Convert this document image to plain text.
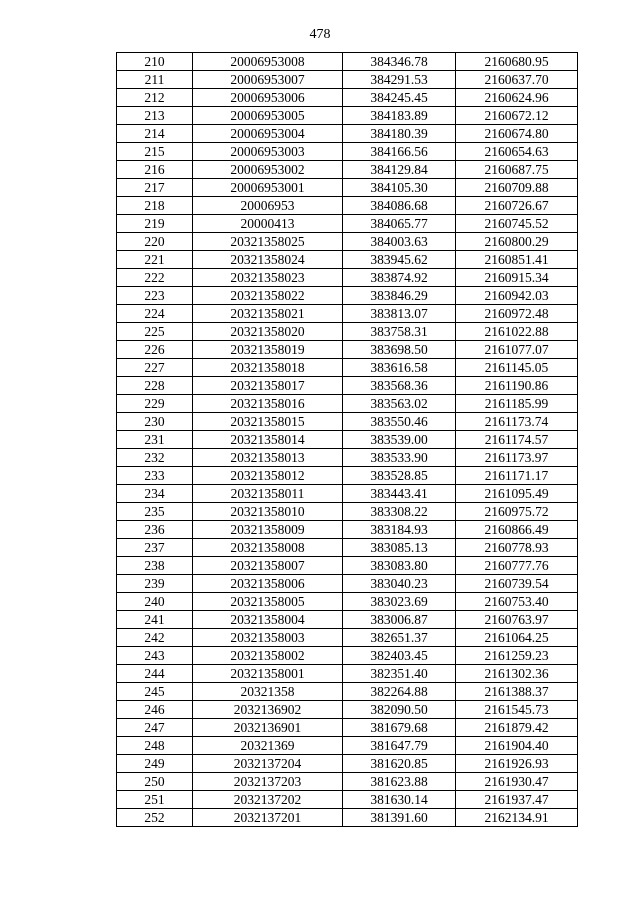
478
210	20006953008	384346.78	2160680.95
211	20006953007	384291.53	2160637.70
212	20006953006	384245.45	2160624.96
213	20006953005	384183.89	2160672.12
214	20006953004	384180.39	2160674.80
215	20006953003	384166.56	2160654.63
216	20006953002	384129.84	2160687.75
217	20006953001	384105.30	2160709.88
218	20006953	384086.68	2160726.67
219	20000413	384065.77	2160745.52
220	20321358025	384003.63	2160800.29
221	20321358024	383945.62	2160851.41
222	20321358023	383874.92	2160915.34
223	20321358022	383846.29	2160942.03
224	20321358021	383813.07	2160972.48
225	20321358020	383758.31	2161022.88
226	20321358019	383698.50	2161077.07
227	20321358018	383616.58	2161145.05
228	20321358017	383568.36	2161190.86
229	20321358016	383563.02	2161185.99
230	20321358015	383550.46	2161173.74
231	20321358014	383539.00	2161174.57
232	20321358013	383533.90	2161173.97
233	20321358012	383528.85	2161171.17
234	20321358011	383443.41	2161095.49
235	20321358010	383308.22	2160975.72
236	20321358009	383184.93	2160866.49
237	20321358008	383085.13	2160778.93
238	20321358007	383083.80	2160777.76
239	20321358006	383040.23	2160739.54
240	20321358005	383023.69	2160753.40
241	20321358004	383006.87	2160763.97
242	20321358003	382651.37	2161064.25
243	20321358002	382403.45	2161259.23
244	20321358001	382351.40	2161302.36
245	20321358	382264.88	2161388.37
246	2032136902	382090.50	2161545.73
247	2032136901	381679.68	2161879.42
248	20321369	381647.79	2161904.40
249	2032137204	381620.85	2161926.93
250	2032137203	381623.88	2161930.47
251	2032137202	381630.14	2161937.47
252	2032137201	381391.60	2162134.91
